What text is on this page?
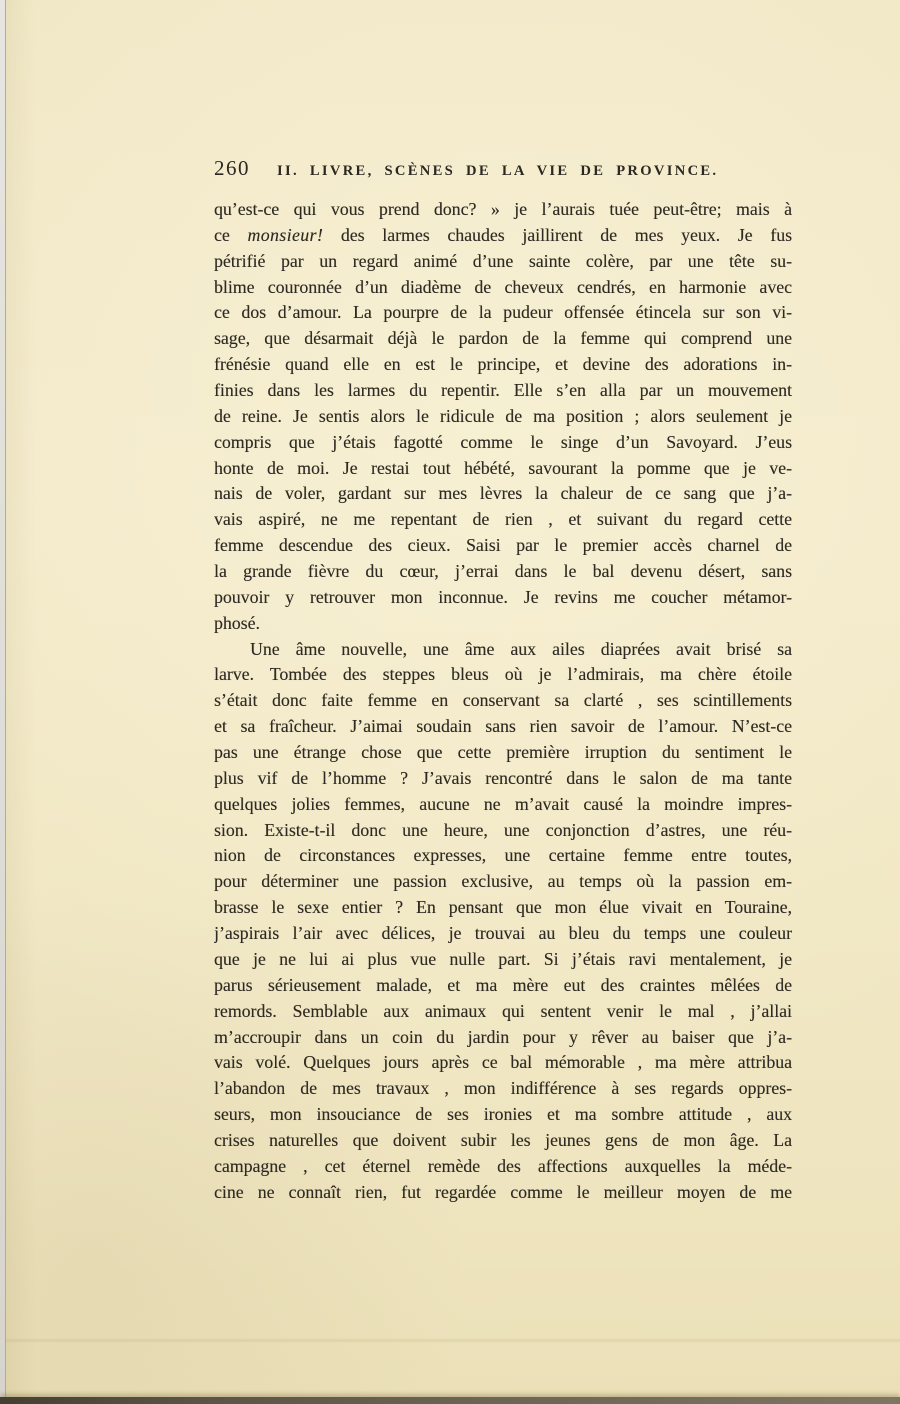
260 II. LIVRE, SCÈNES DE LA VIE DE PROVINCE.
qu’est-ce qui vous prend donc? » je l’aurais tuée peut-être; mais à
ce monsieur! des larmes chaudes jaillirent de mes yeux. Je fus
pétrifié par un regard animé d’une sainte colère, par une tête su-
blime couronnée d’un diadème de cheveux cendrés, en harmonie avec
ce dos d’amour. La pourpre de la pudeur offensée étincela sur son vi-
sage, que désarmait déjà le pardon de la femme qui comprend une
frénésie quand elle en est le principe, et devine des adorations in-
finies dans les larmes du repentir. Elle s’en alla par un mouvement
de reine. Je sentis alors le ridicule de ma position ; alors seulement je
compris que j’étais fagotté comme le singe d’un Savoyard. J’eus
honte de moi. Je restai tout hébété, savourant la pomme que je ve-
nais de voler, gardant sur mes lèvres la chaleur de ce sang que j’a-
vais aspiré, ne me repentant de rien , et suivant du regard cette
femme descendue des cieux. Saisi par le premier accès charnel de
la grande fièvre du cœur, j’errai dans le bal devenu désert, sans
pouvoir y retrouver mon inconnue. Je revins me coucher métamor-
phosé.
Une âme nouvelle, une âme aux ailes diaprées avait brisé sa
larve. Tombée des steppes bleus où je l’admirais, ma chère étoile
s’était donc faite femme en conservant sa clarté , ses scintillements
et sa fraîcheur. J’aimai soudain sans rien savoir de l’amour. N’est-ce
pas une étrange chose que cette première irruption du sentiment le
plus vif de l’homme ? J’avais rencontré dans le salon de ma tante
quelques jolies femmes, aucune ne m’avait causé la moindre impres-
sion. Existe-t-il donc une heure, une conjonction d’astres, une réu-
nion de circonstances expresses, une certaine femme entre toutes,
pour déterminer une passion exclusive, au temps où la passion em-
brasse le sexe entier ? En pensant que mon élue vivait en Touraine,
j’aspirais l’air avec délices, je trouvai au bleu du temps une couleur
que je ne lui ai plus vue nulle part. Si j’étais ravi mentalement, je
parus sérieusement malade, et ma mère eut des craintes mêlées de
remords. Semblable aux animaux qui sentent venir le mal , j’allai
m’accroupir dans un coin du jardin pour y rêver au baiser que j’a-
vais volé. Quelques jours après ce bal mémorable , ma mère attribua
l’abandon de mes travaux , mon indifférence à ses regards oppres-
seurs, mon insouciance de ses ironies et ma sombre attitude , aux
crises naturelles que doivent subir les jeunes gens de mon âge. La
campagne , cet éternel remède des affections auxquelles la méde-
cine ne connaît rien, fut regardée comme le meilleur moyen de me
